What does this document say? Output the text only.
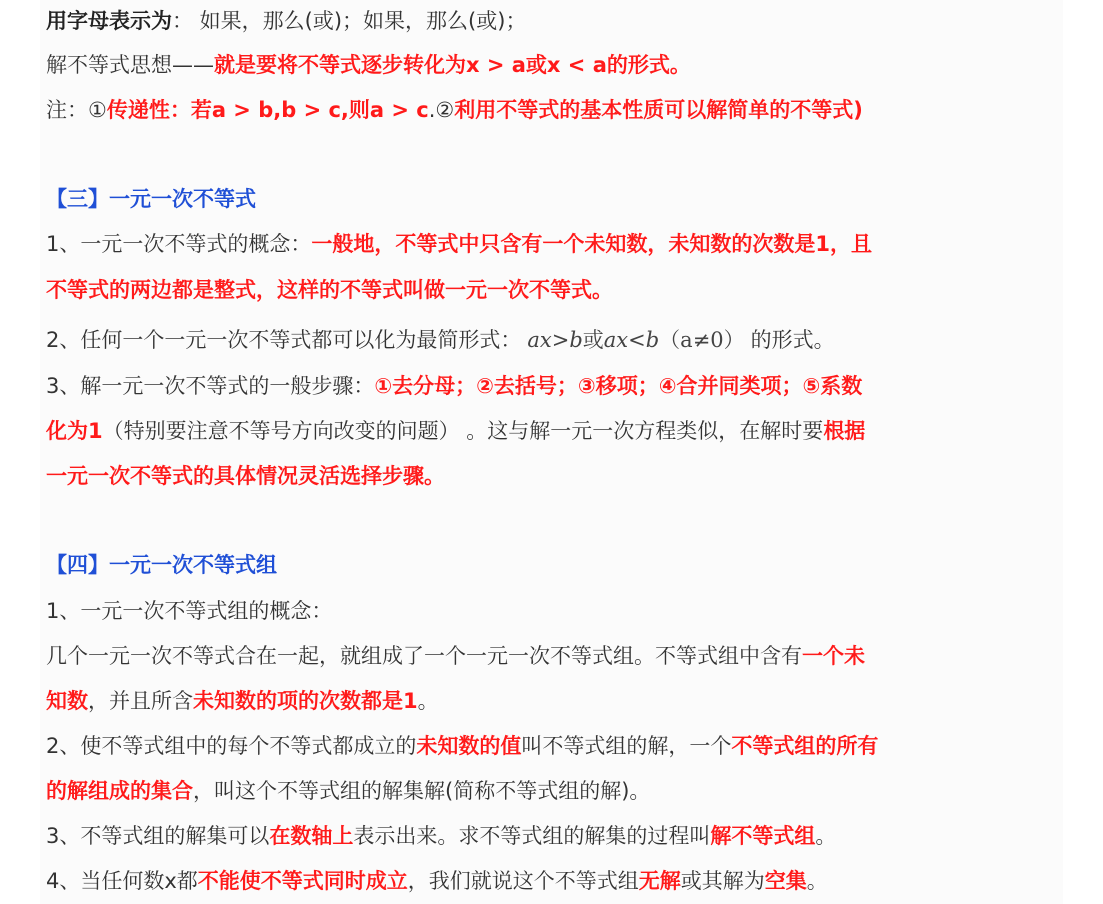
用字母表示为： 如果，那么(或)；如果，那么(或)；
解不等式思想——就是要将不等式逐步转化为x > a或x < a的形式。
注：①传递性：若a > b,b > c,则a > c.②利用不等式的基本性质可以解简单的不等式)
【三】一元一次不等式
1、一元一次不等式的概念：一般地，不等式中只含有一个未知数，未知数的次数是1，且
不等式的两边都是整式，这样的不等式叫做一元一次不等式。
2、任何一个一元一次不等式都可以化为最简形式： ax>b或ax<b（a≠0） 的形式。
3、解一元一次不等式的一般步骤：①去分母；②去括号；③移项；④合并同类项；⑤系数
化为1（特别要注意不等号方向改变的问题） 。这与解一元一次方程类似，在解时要根据
一元一次不等式的具体情况灵活选择步骤。
【四】一元一次不等式组
1、一元一次不等式组的概念：
几个一元一次不等式合在一起，就组成了一个一元一次不等式组。不等式组中含有一个未
知数，并且所含未知数的项的次数都是1。
2、使不等式组中的每个不等式都成立的未知数的值叫不等式组的解，一个不等式组的所有
的解组成的集合，叫这个不等式组的解集解(简称不等式组的解)。
3、不等式组的解集可以在数轴上表示出来。求不等式组的解集的过程叫解不等式组。
4、当任何数x都不能使不等式同时成立，我们就说这个不等式组无解或其解为空集。
